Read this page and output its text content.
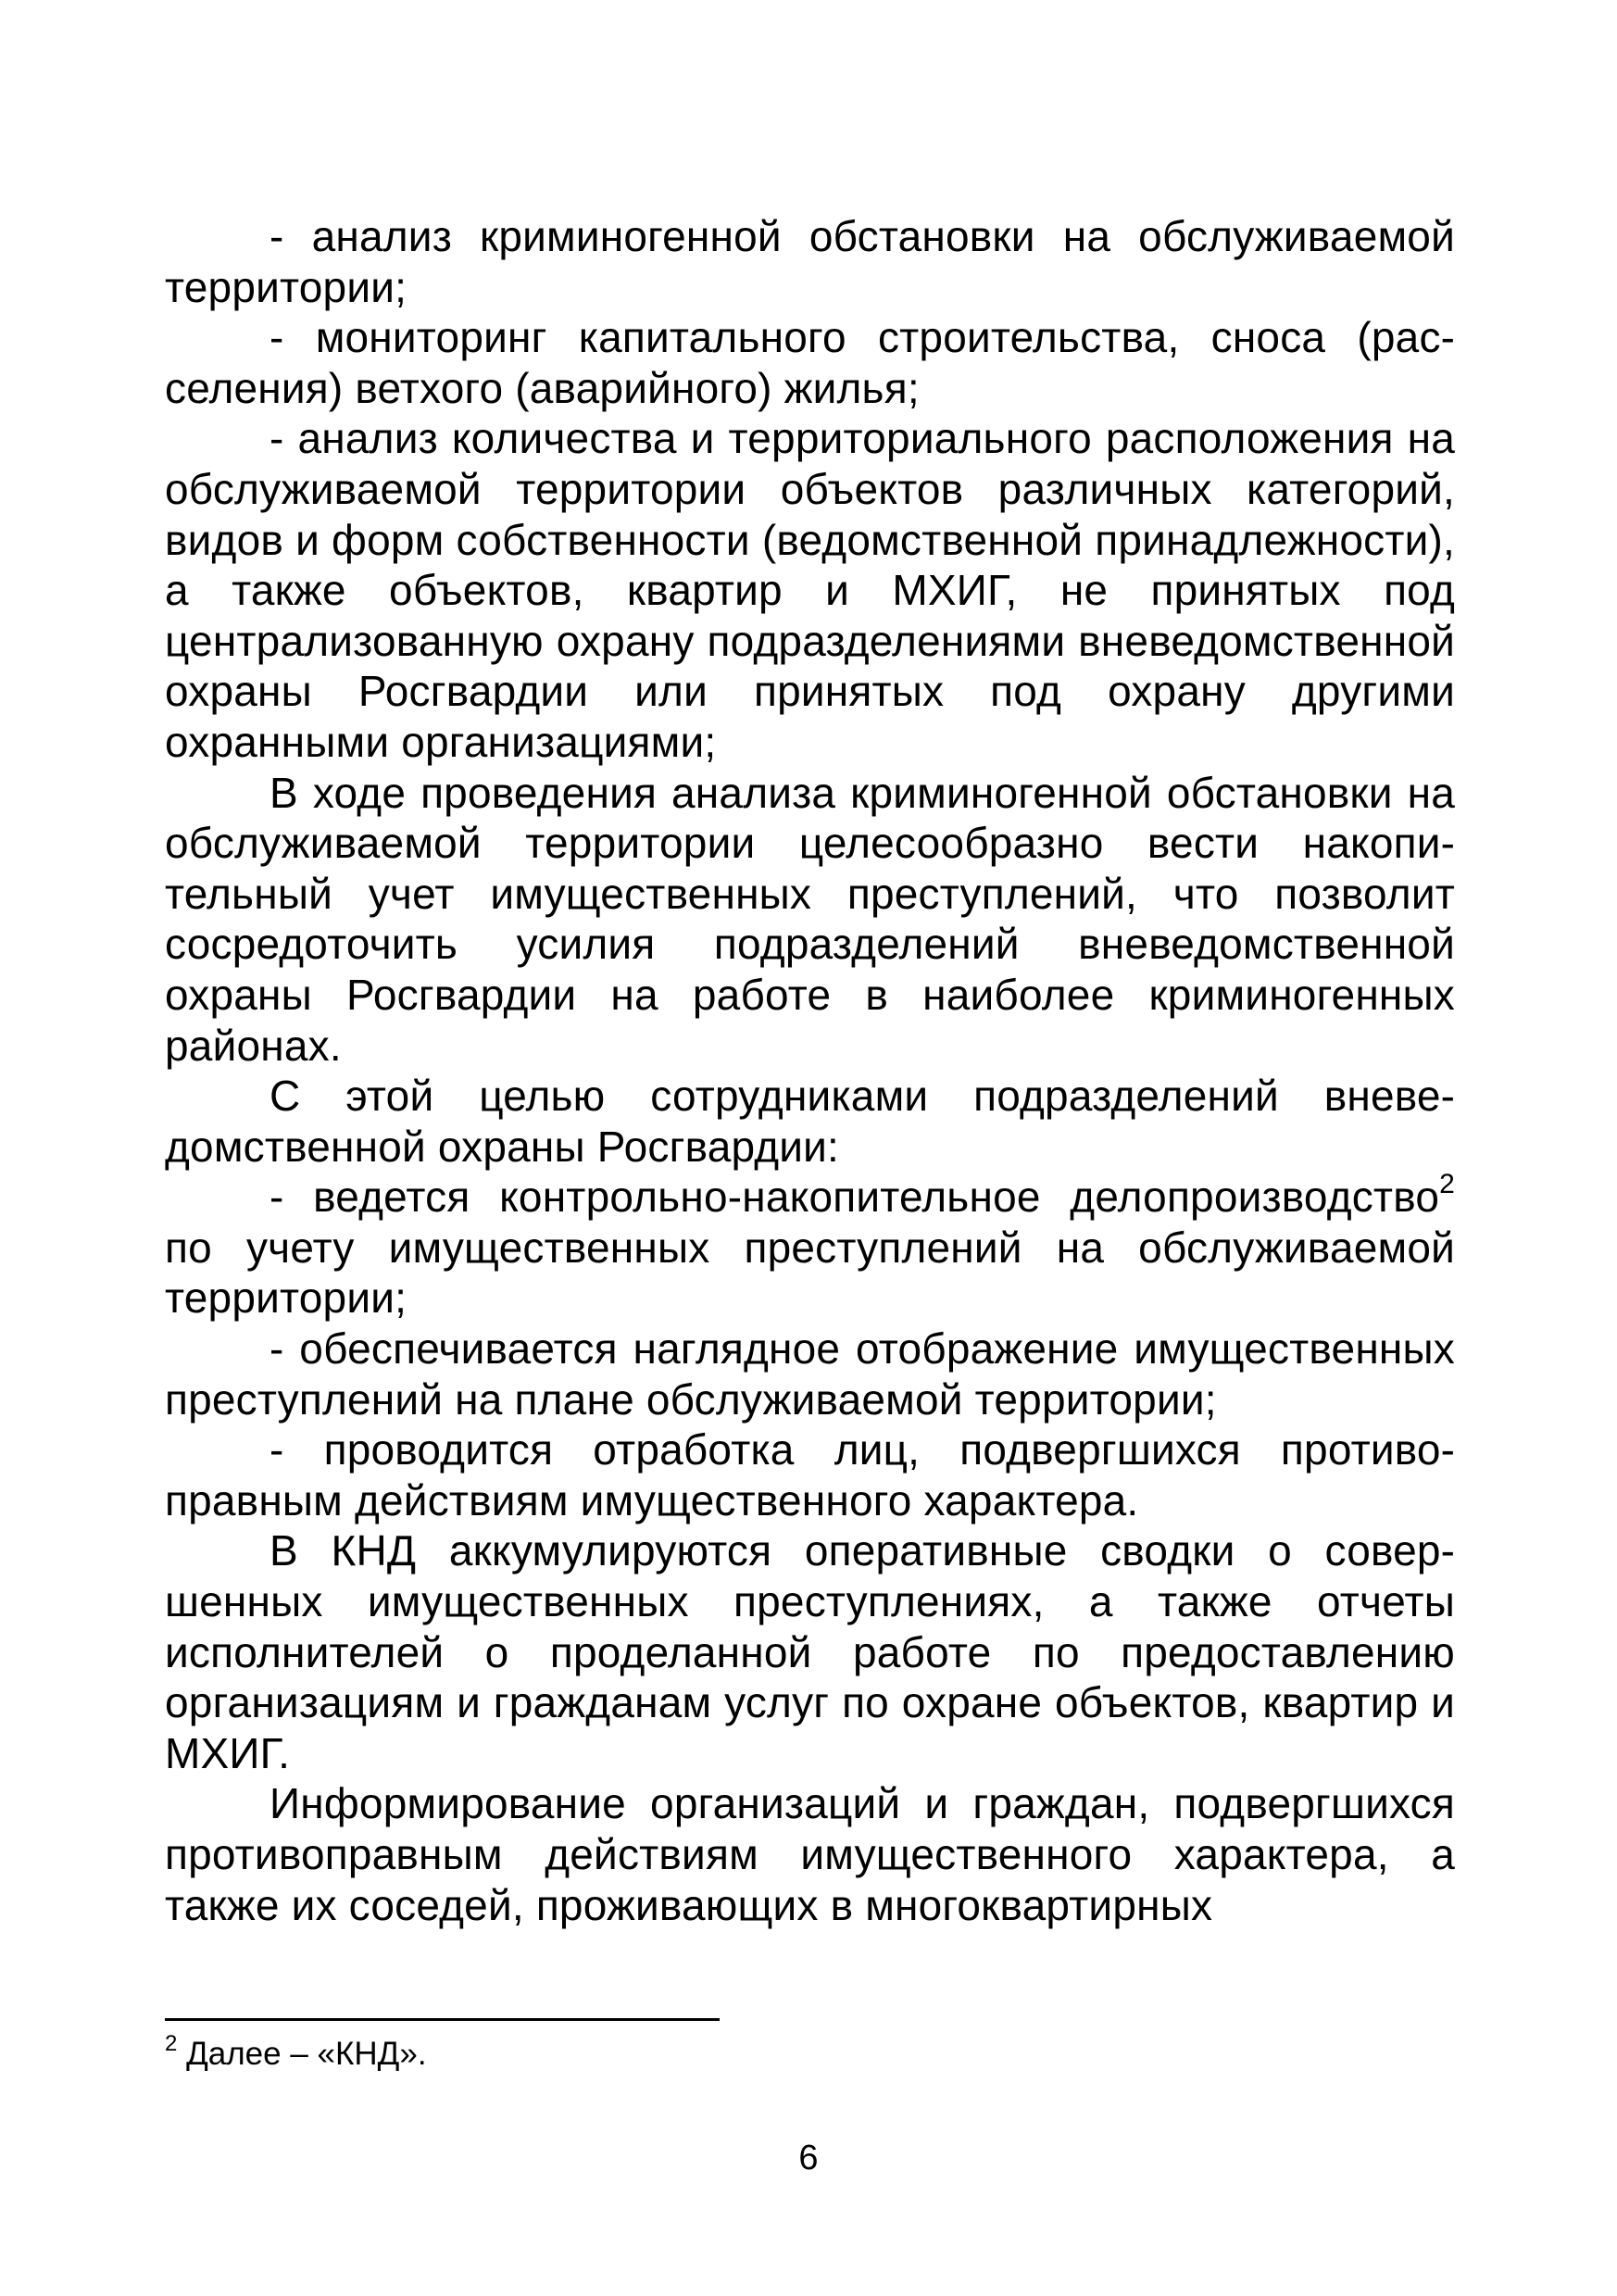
- анализ криминогенной обстановки на обслуживаемой территории;

- мониторинг капитального строительства, сноса (расселения) ветхого (аварийного) жилья;

- анализ количества и территориального расположения на обслуживаемой территории объектов различных категорий, видов и форм собственности (ведомственной принадлежности), а также объектов, квартир и МХИГ, не принятых под централизованную охрану подразделениями вневедомственной охраны Росгвардии или принятых под охрану другими охранными организациями;

В ходе проведения анализа криминогенной обстановки на обслуживаемой территории целесообразно вести накопительный учет имущественных преступлений, что позволит сосредоточить усилия подразделений вневедомственной охраны Росгвардии на работе в наиболее криминогенных районах.

С этой целью сотрудниками подразделений вневедомственной охраны Росгвардии:

- ведется контрольно-накопительное делопроизводство$^2$ по учету имущественных преступлений на обслуживаемой территории;

- обеспечивается наглядное отображение имущественных преступлений на плане обслуживаемой территории;

- проводится отработка лиц, подвергшихся противоправным действиям имущественного характера.

В КНД аккумулируются оперативные сводки о совершенных имущественных преступлениях, а также отчеты исполнителей о проделанной работе по предоставлению организациям и гражданам услуг по охране объектов, квартир и МХИГ.

Информирование организаций и граждан, подвергшихся противоправным действиям имущественного характера, а также их соседей, проживающих в многоквартирных

$^2$ Далее – «КНД».
6
